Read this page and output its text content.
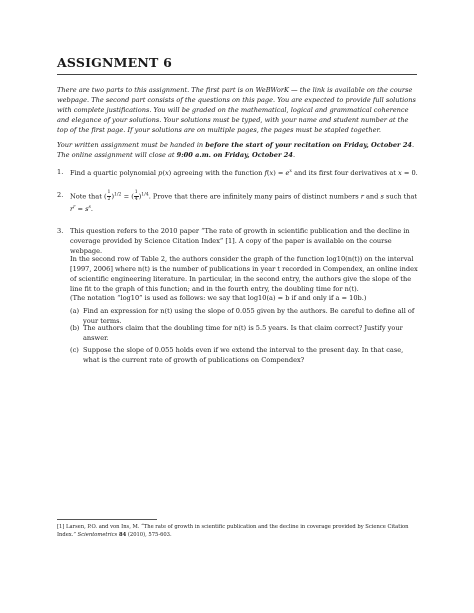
ASSIGNMENT 6
There are two parts to this assignment. The first part is on WeBWorK — the link is available on the course webpage. The second part consists of the questions on this page. You are expected to provide full solutions with complete justifications. You will be graded on the mathematical, logical and grammatical coherence and elegance of your solutions. Your solutions must be typed, with your name and student number at the top of the first page. If your solutions are on multiple pages, the pages must be stapled together.
Your written assignment must be handed in before the start of your recitation on Friday, October 24. The online assignment will close at 9:00 a.m. on Friday, October 24.
1. Find a quartic polynomial p(x) agreeing with the function $f(x) = e^x$ and its first four derivatives at x = 0.
2. Note that ( $\frac{1}{2} )^{1/2}$ = ( $\frac{1}{4} )^{1/4}$. Prove that there are infinitely many pairs of distinct numbers r and s such that $r^r = s^s$.
3. This question refers to the 2010 paper “The rate of growth in scientific publication and the decline in coverage provided by Science Citation Index” [1]. A copy of the paper is available on the course webpage.
In the second row of Table 2, the authors consider the graph of the function log10(n(t)) on the interval [1997, 2006] where n(t) is the number of publications in year t recorded in Compendex, an online index of scientific engineering literature. In particular, in the second entry, the authors give the slope of the line fit to the graph of this function; and in the fourth entry, the doubling time for n(t).
(The notation “log10” is used as follows: we say that log10(a) = b if and only if a = 10b.)
(a) Find an expression for n(t) using the slope of 0.055 given by the authors. Be careful to define all of your terms.
(b) The authors claim that the doubling time for n(t) is 5.5 years. Is that claim correct? Justify your answer.
(c) Suppose the slope of 0.055 holds even if we extend the interval to the present day. In that case, what is the current rate of growth of publications on Compendex?
[1] Larsen, P.O. and von Ins, M. “The rate of growth in scientific publication and the decline in coverage provided by Science Citation Index.” Scientometrics 84 (2010), 575-603.
